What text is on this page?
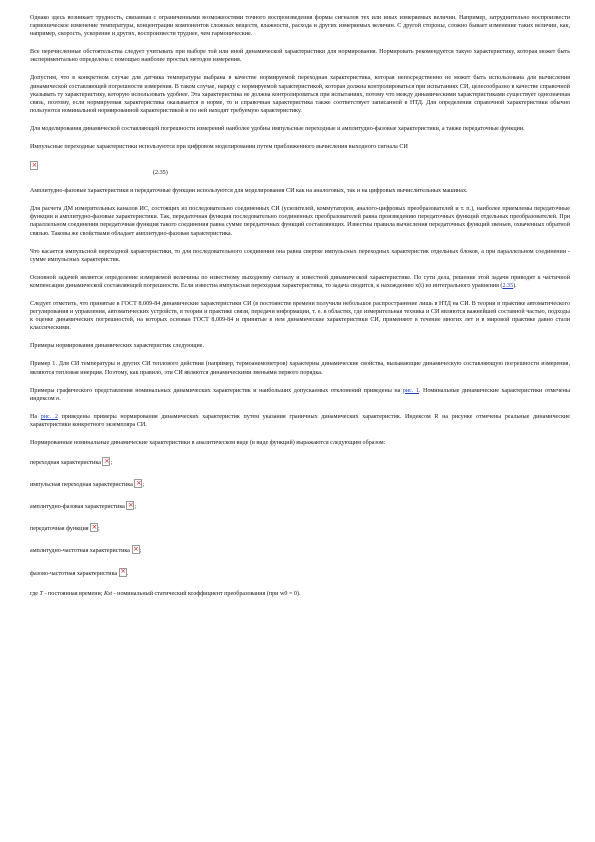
Однако здесь возникает трудность, связанная с ограниченными возможностями точного воспроизведения формы сигналов тех или иных измеряемых величин. Например, затруднительно воспроизвести гармоническое изменение температуры, концентрации компонентов сложных веществ, влажности, расхода и других измеряемых величин. С другой стороны, сложно бывает изменение таких величин, как, например, скорость, ускорение и других, воспроизвести труднее, чем гармонические.

Все перечисленные обстоятельства следует учитывать при выборе той или иной динамической характеристики для нормирования. Нормировать рекомендуется такую характеристику, которая может быть экспериментально определена с помощью наиболее простых методов измерения.

Допустим, что в конкретном случае для датчика температуры выбрана в качестве нормируемой переходная характеристика, которая непосредственно не может быть использована для вычисления динамической составляющей погрешности измерения. В таком случае, наряду с нормируемой характеристикой, которая должна контролироваться при испытаниях СИ, целесообразно в качестве справочной указывать ту характеристику, которую использовать удобнее. Эта характеристика не должна контролироваться при испытаниях, потому что между динамическими характеристиками существует однозначная связь, поэтому, если нормируемая характеристика оказывается в норме, то и справочная характеристика также соответствует записанной в НТД. Для определения справочной характеристики обычно пользуются номинальной нормированной характеристикой и по ней находят требуемую характеристику.

Для моделирования динамической составляющей погрешности измерений наиболее удобны импульсные переходные и амплитудно-фазовые характеристики, а также передаточные функции.

Импульсные переходные характеристики используются при цифровом моделировании путем приближенного вычисления выходного сигнала СИ

×
(2.35)

Амплитудно-фазовые характеристики и передаточные функции используются для моделирования СИ как на аналоговых, так и на цифровых вычислительных машинах.

Для расчета ДМ измерительных каналов ИС, состоящих из последовательно соединенных СИ (усилителей, коммутаторов, аналого-цифровых преобразователей и т. п.), наиболее приемлемы передаточные функции и амплитудно-фазовые характеристики. Так, передаточная функция последовательно соединенных преобразователей равна произведению передаточных функций отдельных преобразователей. При параллельном соединении передаточная функция такого соединения равна сумме передаточных функций составляющих. Известны правила вычисления передаточных функций звеньев, охваченных обратной связью. Таковы же свойствами обладает амплитудно-фазовая характеристика.

Что касается импульсной переходной характеристики, то для последовательного соединения она равна свертке импульсных переходных характеристик отдельных блоков, а при параллельном соединении - сумме импульсных характеристик.

Основной задачей является определение измеряемой величины по известному выходному сигналу и известной динамической характеристике. По сути дела, решение этой задачи приводит к частичной компенсации динамической составляющей погрешности. Если известна импульсная переходная характеристика, то задача сводится, к нахождению x(t) из интегрального уравнения (2.35).

Следует отметить, что принятые в ГОСТ 8.009-84 динамические характеристики СИ (в постоянстве времени получили небольшое распространение лишь в НТД на СИ. В теории и практике автоматического регулирования и управления, автоматических устройств, в теории и практике связи, передачи информации, т. е. в областях, где измерительная техника и СИ являются важнейшей составной частью, подходы к оценке динамических погрешностей, на которых основан ГОСТ 8.009-84 и принятые в нем динамические характеристики СИ, применяют в течение многих лет и в мировой практике давно стали классическими.

Примеры нормирования динамических характеристик следующие.

Пример 1. Для СИ температуры и других СИ теплового действия (например, термоанемометров) характерны динамические свойства, вызывающие динамическую составляющую погрешности измерения, являются тепловая инерция. Поэтому, как правило, эти СИ являются динамическими звеньями первого порядка.

Примеры графического представления номинальных динамических характеристик и наибольших допускаемых отклонений приведены на рис. 1. Номинальные динамические характеристики отмечены индексом н.

На рис. 2 приведены примеры нормирования динамических характеристик путем указания граничных динамических характеристик. Индексом R на рисунке отмечены реальные динамические характеристики конкретного экземпляра СИ.

Нормированные номинальные динамические характеристики в аналитическом виде (в виде функций) выражаются следующим образом:

переходная характеристика × ;

импульсная переходная характеристика × ;

амплитудно-фазовая характеристика × ;

передаточная функция × ;

амплитудно-частотная характеристика × ;

фазово-частотная характеристика × .

где T - постоянная времени; Kst - номинальный статический коэффициент преобразования (при w0 = 0).
